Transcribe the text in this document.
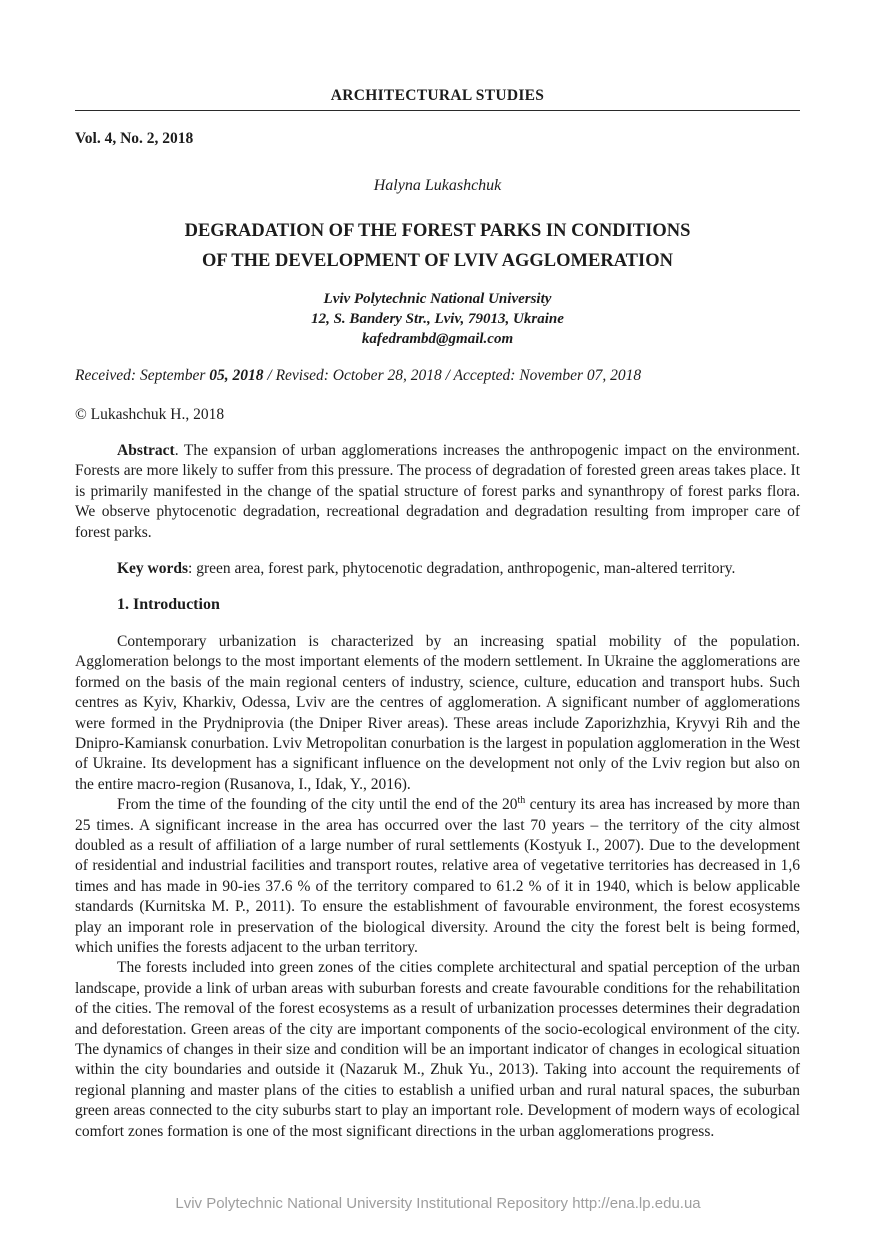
ARCHITECTURAL STUDIES
Vol. 4, No. 2, 2018
Halyna Lukashchuk
DEGRADATION OF THE FOREST PARKS IN CONDITIONS
OF THE DEVELOPMENT OF LVIV AGGLOMERATION
Lviv Polytechnic National University
12, S. Bandery Str., Lviv, 79013, Ukraine
kafedrambd@gmail.com
Received: September 05, 2018 / Revised: October 28, 2018 / Accepted: November 07, 2018
© Lukashchuk H., 2018

Abstract. The expansion of urban agglomerations increases the anthropogenic impact on the environment. Forests are more likely to suffer from this pressure. The process of degradation of forested green areas takes place. It is primarily manifested in the change of the spatial structure of forest parks and synanthropy of forest parks flora. We observe phytocenotic degradation, recreational degradation and degradation resulting from improper care of forest parks.

Key words: green area, forest park, phytocenotic degradation, anthropogenic, man-altered territory.

1. Introduction

Contemporary urbanization is characterized by an increasing spatial mobility of the population. Agglomeration belongs to the most important elements of the modern settlement. In Ukraine the agglomerations are formed on the basis of the main regional centers of industry, science, culture, education and transport hubs. Such centres as Kyiv, Kharkiv, Odessa, Lviv are the centres of agglomeration. A significant number of agglomerations were formed in the Prydniprovia (the Dniper River areas). These areas include Zaporizhzhia, Kryvyi Rih and the Dnipro-Kamiansk conurbation. Lviv Metropolitan conurbation is the largest in population agglomeration in the West of Ukraine. Its development has a significant influence on the development not only of the Lviv region but also on the entire macro-region (Rusanova, I., Idak, Y., 2016).

From the time of the founding of the city until the end of the 20th century its area has increased by more than 25 times. A significant increase in the area has occurred over the last 70 years – the territory of the city almost doubled as a result of affiliation of a large number of rural settlements (Kostyuk I., 2007). Due to the development of residential and industrial facilities and transport routes, relative area of vegetative territories has decreased in 1,6 times and has made in 90-ies 37.6 % of the territory compared to 61.2 % of it in 1940, which is below applicable standards (Kurnitska M. P., 2011). To ensure the establishment of favourable environment, the forest ecosystems play an imporant role in preservation of the biological diversity. Around the city the forest belt is being formed, which unifies the forests adjacent to the urban territory.

The forests included into green zones of the cities complete architectural and spatial perception of the urban landscape, provide a link of urban areas with suburban forests and create favourable conditions for the rehabilitation of the cities. The removal of the forest ecosystems as a result of urbanization processes determines their degradation and deforestation. Green areas of the city are important components of the socio-ecological environment of the city. The dynamics of changes in their size and condition will be an important indicator of changes in ecological situation within the city boundaries and outside it (Nazaruk M., Zhuk Yu., 2013). Taking into account the requirements of regional planning and master plans of the cities to establish a unified urban and rural natural spaces, the suburban green areas connected to the city suburbs start to play an important role. Development of modern ways of ecological comfort zones formation is one of the most significant directions in the urban agglomerations progress.

Lviv Polytechnic National University Institutional Repository http://ena.lp.edu.ua
